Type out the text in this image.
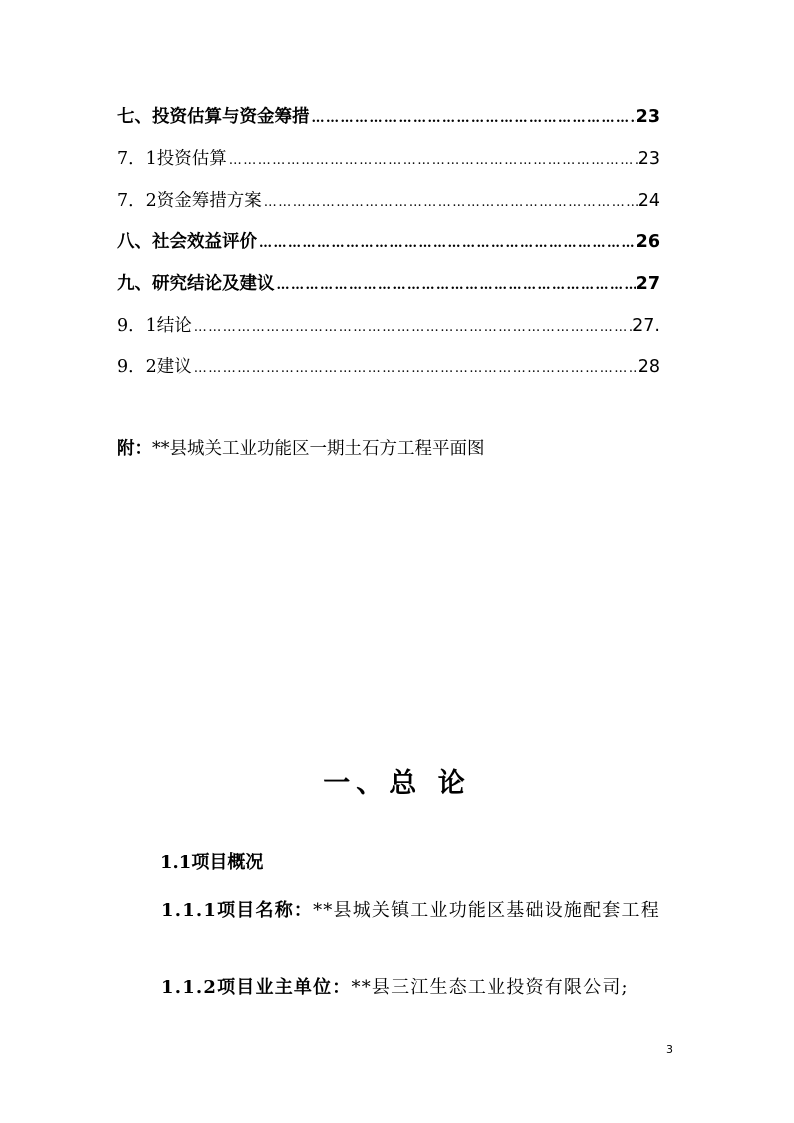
七、投资估算与资金筹措 ……………………………………………………………………………………………………………………………………………	23
7．1投资估算 ……………………………………………………………………………………………………………………………………………	23
7．2资金筹措方案 ……………………………………………………………………………………………………………………………………………	24
八、社会效益评价 ……………………………………………………………………………………………………………………………………………	26
九、研究结论及建议 ……………………………………………………………………………………………………………………………………………	27
9．1结论 ……………………………………………………………………………………………………………………………………………	27.
9．2建议 ……………………………………………………………………………………………………………………………………………	28
附：**县城关工业功能区一期土石方工程平面图
一、总 论
1.1项目概况
1.1.1项目名称：**县城关镇工业功能区基础设施配套工程
1.1.2项目业主单位：**县三江生态工业投资有限公司;
3
